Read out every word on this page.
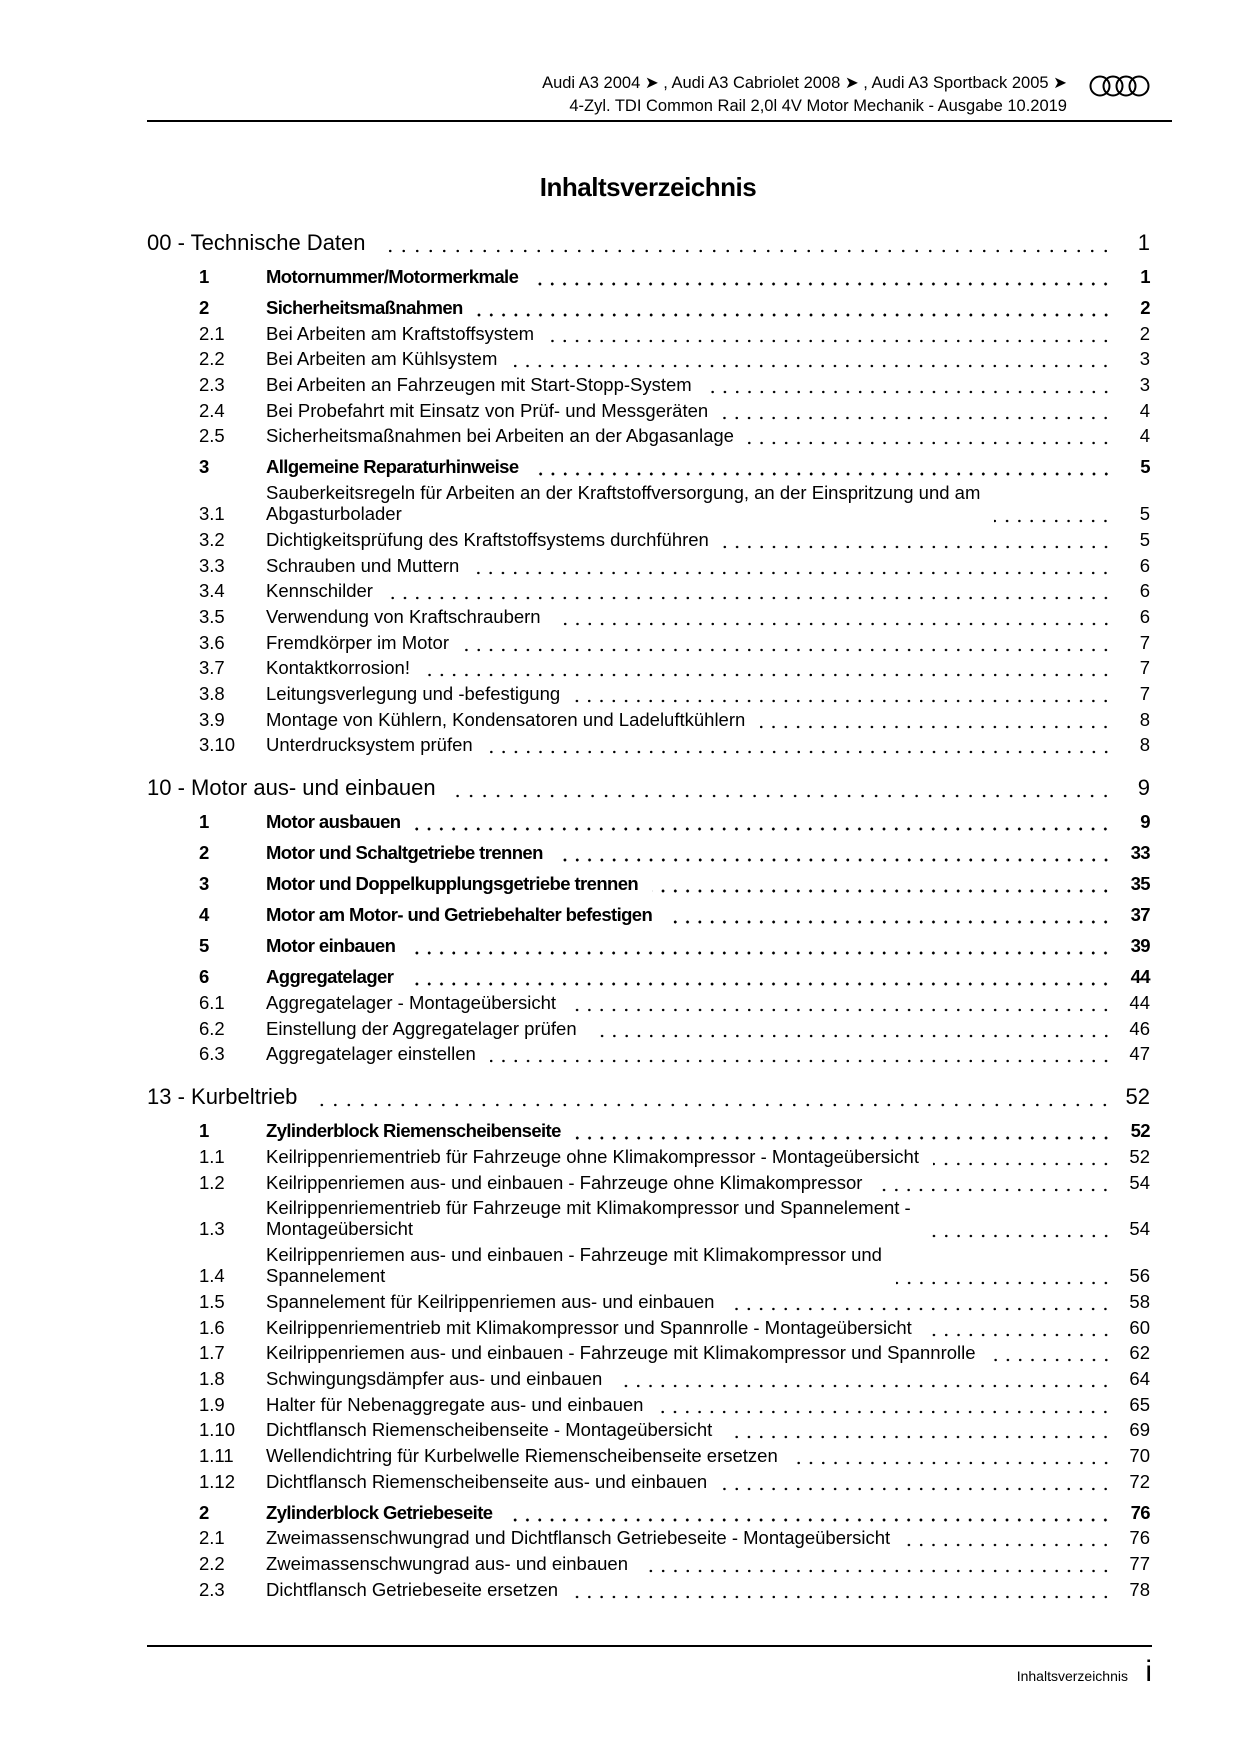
Audi A3 2004 ➤ , Audi A3 Cabriolet 2008 ➤ , Audi A3 Sportback 2005 ➤
4-Zyl. TDI Common Rail 2,0l 4V Motor Mechanik - Ausgabe 10.2019
Inhaltsverzeichnis
00 - Technische Daten	1
1	Motornummer/Motormerkmale	1
2	Sicherheitsmaßnahmen	2
2.1	Bei Arbeiten am Kraftstoffsystem	2
2.2	Bei Arbeiten am Kühlsystem	3
2.3	Bei Arbeiten an Fahrzeugen mit Start-Stopp-System	3
2.4	Bei Probefahrt mit Einsatz von Prüf- und Messgeräten	4
2.5	Sicherheitsmaßnahmen bei Arbeiten an der Abgasanlage	4
3	Allgemeine Reparaturhinweise	5
3.1
Sauberkeitsregeln für Arbeiten an der Kraftstoffversorgung, an der Einspritzung und am
Abgasturbolader	5
3.2	Dichtigkeitsprüfung des Kraftstoffsystems durchführen	5
3.3	Schrauben und Muttern	6
3.4	Kennschilder	6
3.5	Verwendung von Kraftschraubern	6
3.6	Fremdkörper im Motor	7
3.7	Kontaktkorrosion!	7
3.8	Leitungsverlegung und -befestigung	7
3.9	Montage von Kühlern, Kondensatoren und Ladeluftkühlern	8
3.10	Unterdrucksystem prüfen	8
10 - Motor aus- und einbauen	9
1	Motor ausbauen	9
2	Motor und Schaltgetriebe trennen	33
3	Motor und Doppelkupplungsgetriebe trennen	35
4	Motor am Motor- und Getriebehalter befestigen	37
5	Motor einbauen	39
6	Aggregatelager	44
6.1	Aggregatelager - Montageübersicht	44
6.2	Einstellung der Aggregatelager prüfen	46
6.3	Aggregatelager einstellen	47
13 - Kurbeltrieb	52
1	Zylinderblock Riemenscheibenseite	52
1.1	Keilrippenriementrieb für Fahrzeuge ohne Klimakompressor - Montageübersicht	52
1.2	Keilrippenriemen aus- und einbauen - Fahrzeuge ohne Klimakompressor	54
1.3
Keilrippenriementrieb für Fahrzeuge mit Klimakompressor und Spannelement -
Montageübersicht	54
1.4
Keilrippenriemen aus- und einbauen - Fahrzeuge mit Klimakompressor und
Spannelement	56
1.5	Spannelement für Keilrippenriemen aus- und einbauen	58
1.6	Keilrippenriementrieb mit Klimakompressor und Spannrolle - Montageübersicht	60
1.7	Keilrippenriemen aus- und einbauen - Fahrzeuge mit Klimakompressor und Spannrolle	62
1.8	Schwingungsdämpfer aus- und einbauen	64
1.9	Halter für Nebenaggregate aus- und einbauen	65
1.10	Dichtflansch Riemenscheibenseite - Montageübersicht	69
1.11	Wellendichtring für Kurbelwelle Riemenscheibenseite ersetzen	70
1.12	Dichtflansch Riemenscheibenseite aus- und einbauen	72
2	Zylinderblock Getriebeseite	76
2.1	Zweimassenschwungrad und Dichtflansch Getriebeseite - Montageübersicht	76
2.2	Zweimassenschwungrad aus- und einbauen	77
2.3	Dichtflansch Getriebeseite ersetzen	78
Inhaltsverzeichnis i
